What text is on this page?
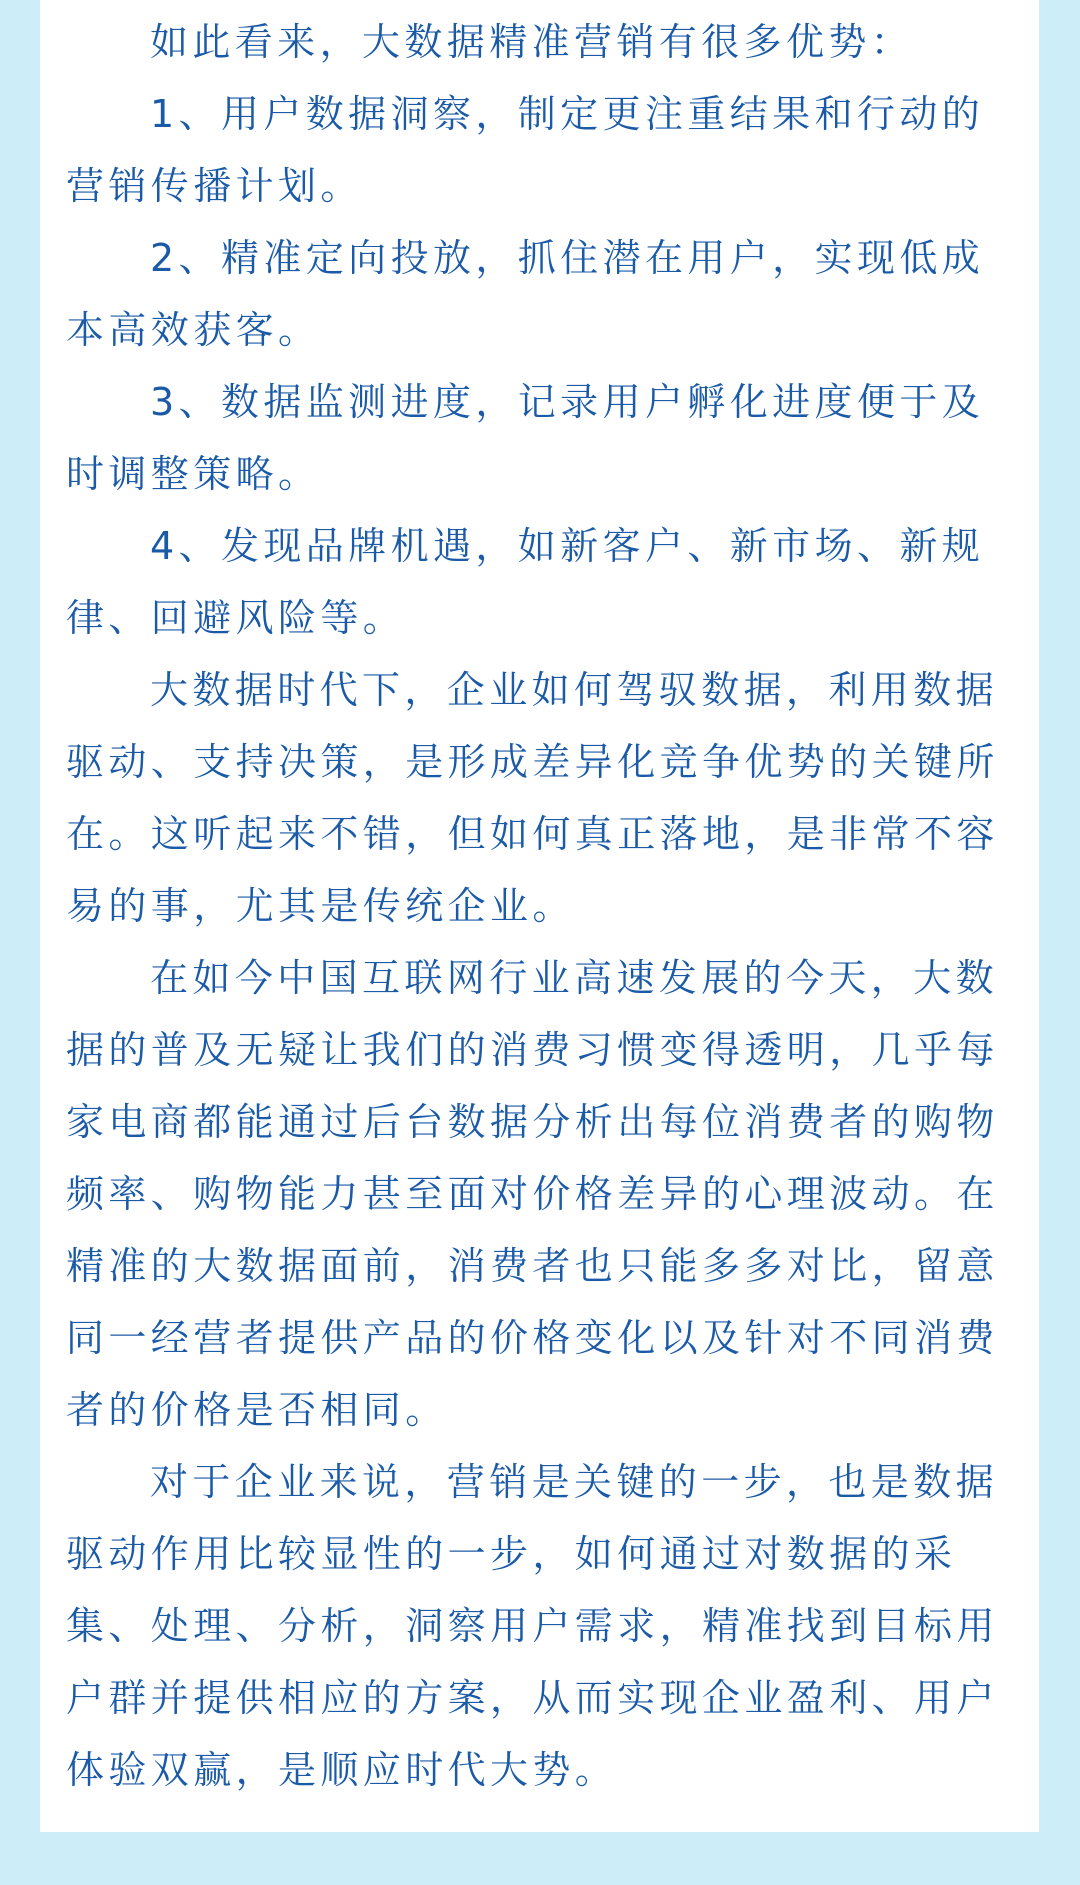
如此看来，大数据精准营销有很多优势：

1、用户数据洞察，制定更注重结果和行动的营销传播计划。

2、精准定向投放，抓住潜在用户，实现低成本高效获客。

3、数据监测进度，记录用户孵化进度便于及时调整策略。

4、发现品牌机遇，如新客户、新市场、新规律、回避风险等。

大数据时代下，企业如何驾驭数据，利用数据驱动、支持决策，是形成差异化竞争优势的关键所在。这听起来不错，但如何真正落地，是非常不容易的事，尤其是传统企业。

在如今中国互联网行业高速发展的今天，大数据的普及无疑让我们的消费习惯变得透明，几乎每家电商都能通过后台数据分析出每位消费者的购物频率、购物能力甚至面对价格差异的心理波动。在精准的大数据面前，消费者也只能多多对比，留意同一经营者提供产品的价格变化以及针对不同消费者的价格是否相同。

对于企业来说，营销是关键的一步，也是数据驱动作用比较显性的一步，如何通过对数据的采集、处理、分析，洞察用户需求，精准找到目标用户群并提供相应的方案，从而实现企业盈利、用户体验双赢，是顺应时代大势。
